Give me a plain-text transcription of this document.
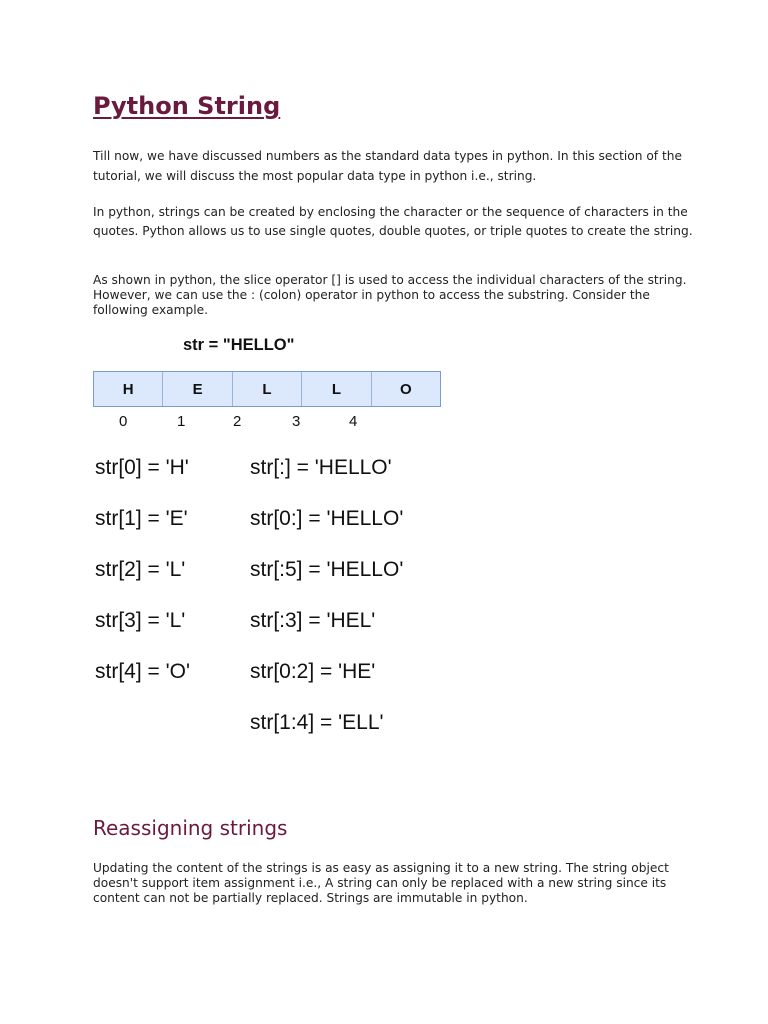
Python String

Till now, we have discussed numbers as the standard data types in python. In this section of the tutorial, we will discuss the most popular data type in python i.e., string.

In python, strings can be created by enclosing the character or the sequence of characters in the quotes. Python allows us to use single quotes, double quotes, or triple quotes to create the string.

As shown in python, the slice operator [] is used to access the individual characters of the string. However, we can use the : (colon) operator in python to access the substring. Consider the following example.

str = "HELLO"
H	E	L	L	O
0	1	2	3	4
str[0] = 'H'
str[1] = 'E'
str[2] = 'L'
str[3] = 'L'
str[4] = 'O'
str[:] = 'HELLO'
str[0:] = 'HELLO'
str[:5] = 'HELLO'
str[:3] = 'HEL'
str[0:2] = 'HE'
str[1:4] = 'ELL'
Reassigning strings

Updating the content of the strings is as easy as assigning it to a new string. The string object doesn't support item assignment i.e., A string can only be replaced with a new string since its content can not be partially replaced. Strings are immutable in python.
